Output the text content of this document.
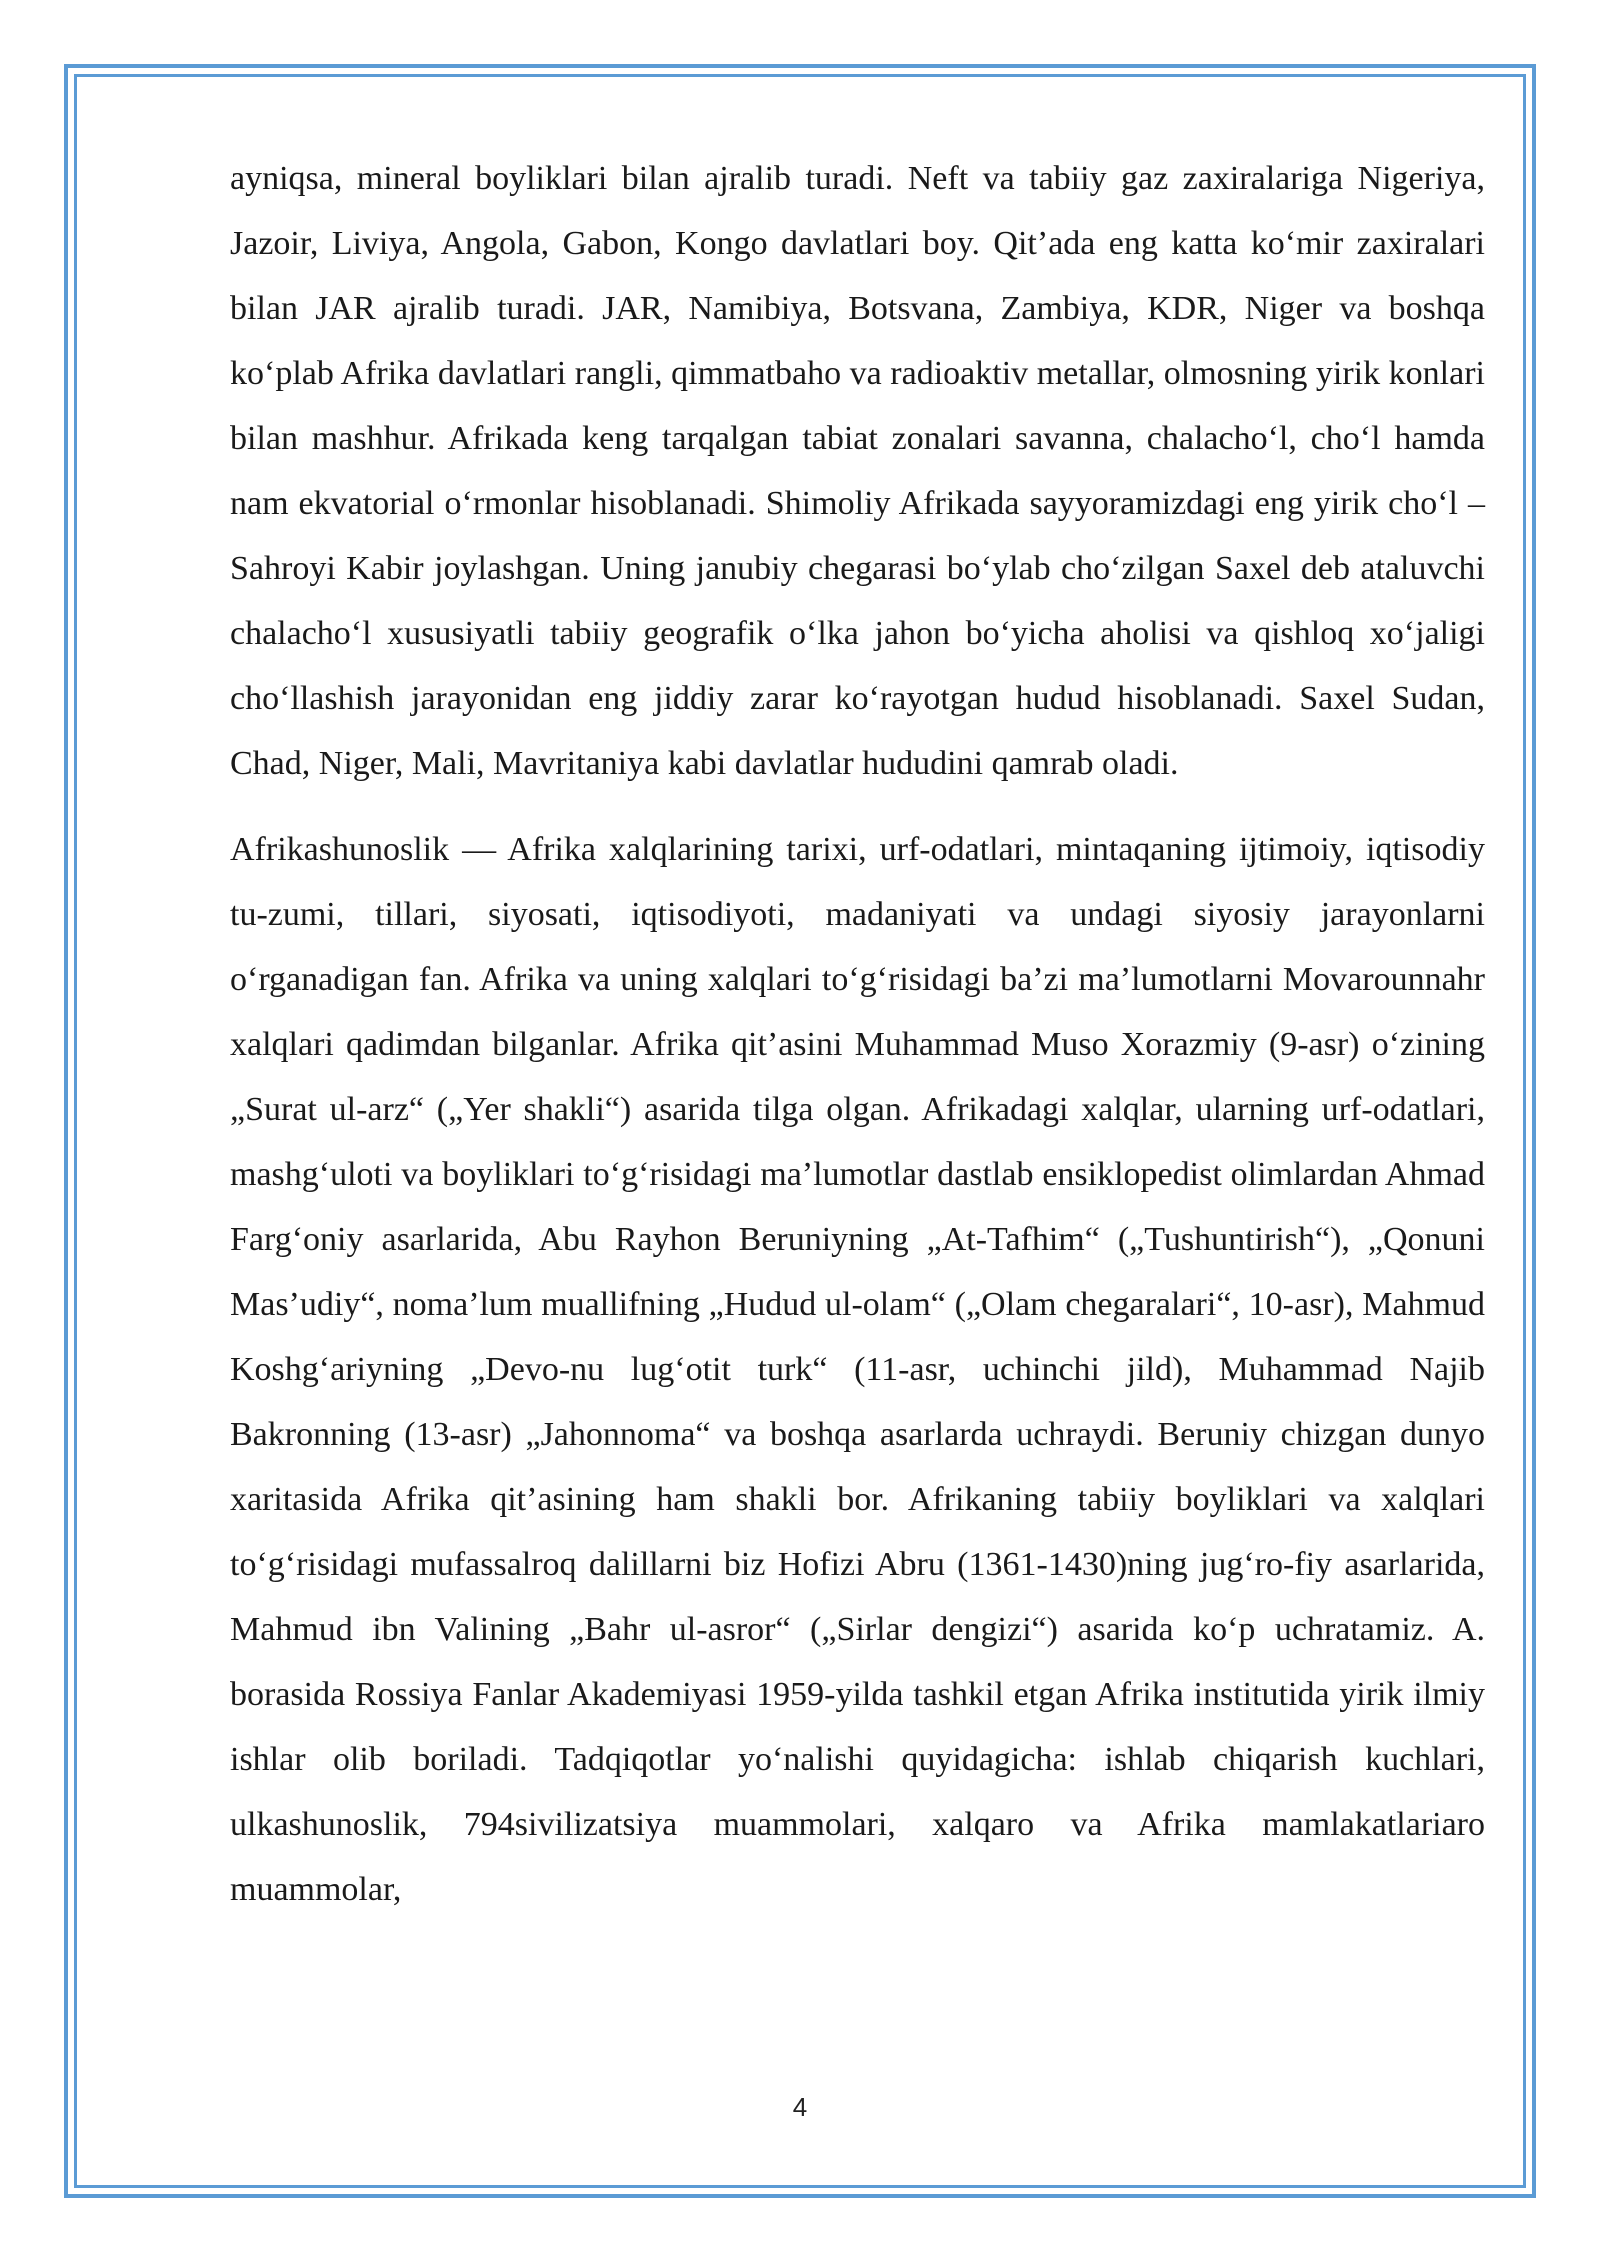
ayniqsa, mineral boyliklari bilan ajralib turadi. Neft va tabiiy gaz zaxiralariga Nigeriya, Jazoir, Liviya, Angola, Gabon, Kongo davlatlari boy. Qit’ada eng katta ko‘mir zaxiralari bilan JAR ajralib turadi. JAR, Namibiya, Botsvana, Zambiya, KDR, Niger va boshqa ko‘plab Afrika davlatlari rangli, qimmatbaho va radioaktiv metallar, olmosning yirik konlari bilan mashhur. Afrikada keng tarqalgan tabiat zonalari savanna, chalacho‘l, cho‘l hamda nam ekvatorial o‘rmonlar hisoblanadi. Shimoliy Afrikada sayyoramizdagi eng yirik cho‘l – Sahroyi Kabir joylashgan. Uning janubiy chegarasi bo‘ylab cho‘zilgan Saxel deb ataluvchi chalacho‘l xususiyatli tabiiy geografik o‘lka jahon bo‘yicha aholisi va qishloq xo‘jaligi cho‘llashish jarayonidan eng jiddiy zarar ko‘rayotgan hudud hisoblanadi. Saxel Sudan, Chad, Niger, Mali, Mavritaniya kabi davlatlar hududini qamrab oladi.

Afrikashunoslik — Afrika xalqlarining tarixi, urf-odatlari, mintaqaning ijtimoiy, iqtisodiy tu-zumi, tillari, siyosati, iqtisodiyoti, madaniyati va undagi siyosiy jarayonlarni o‘rganadigan fan. Afrika va uning xalqlari to‘g‘risidagi ba’zi ma’lumotlarni Movarounnahr xalqlari qadimdan bilganlar. Afrika qit’asini Muhammad Muso Xorazmiy (9-asr) o‘zining „Surat ul-arz“ („Yer shakli“) asarida tilga olgan. Afrikadagi xalqlar, ularning urf-odatlari, mashg‘uloti va boyliklari to‘g‘risidagi ma’lumotlar dastlab ensiklopedist olimlardan Ahmad Farg‘oniy asarlarida, Abu Rayhon Beruniyning „At-Tafhim“ („Tushuntirish“), „Qonuni Mas’udiy“, noma’lum muallifning „Hudud ul-olam“ („Olam chegaralari“, 10-asr), Mahmud Koshg‘ariyning „Devo-nu lug‘otit turk“ (11-asr, uchinchi jild), Muhammad Najib Bakronning (13-asr) „Jahonnoma“ va boshqa asarlarda uchraydi. Beruniy chizgan dunyo xaritasida Afrika qit’asining ham shakli bor. Afrikaning tabiiy boyliklari va xalqlari to‘g‘risidagi mufassalroq dalillarni biz Hofizi Abru (1361-1430)ning jug‘ro-fiy asarlarida, Mahmud ibn Valining „Bahr ul-asror“ („Sirlar dengizi“) asarida ko‘p uchratamiz. A. borasida Rossiya Fanlar Akademiyasi 1959-yilda tashkil etgan Afrika institutida yirik ilmiy ishlar olib boriladi. Tadqiqotlar yo‘nalishi quyidagicha: ishlab chiqarish kuchlari, ulkashunoslik, 794sivilizatsiya muammolari, xalqaro va Afrika mamlakatlariaro muammolar,

4
